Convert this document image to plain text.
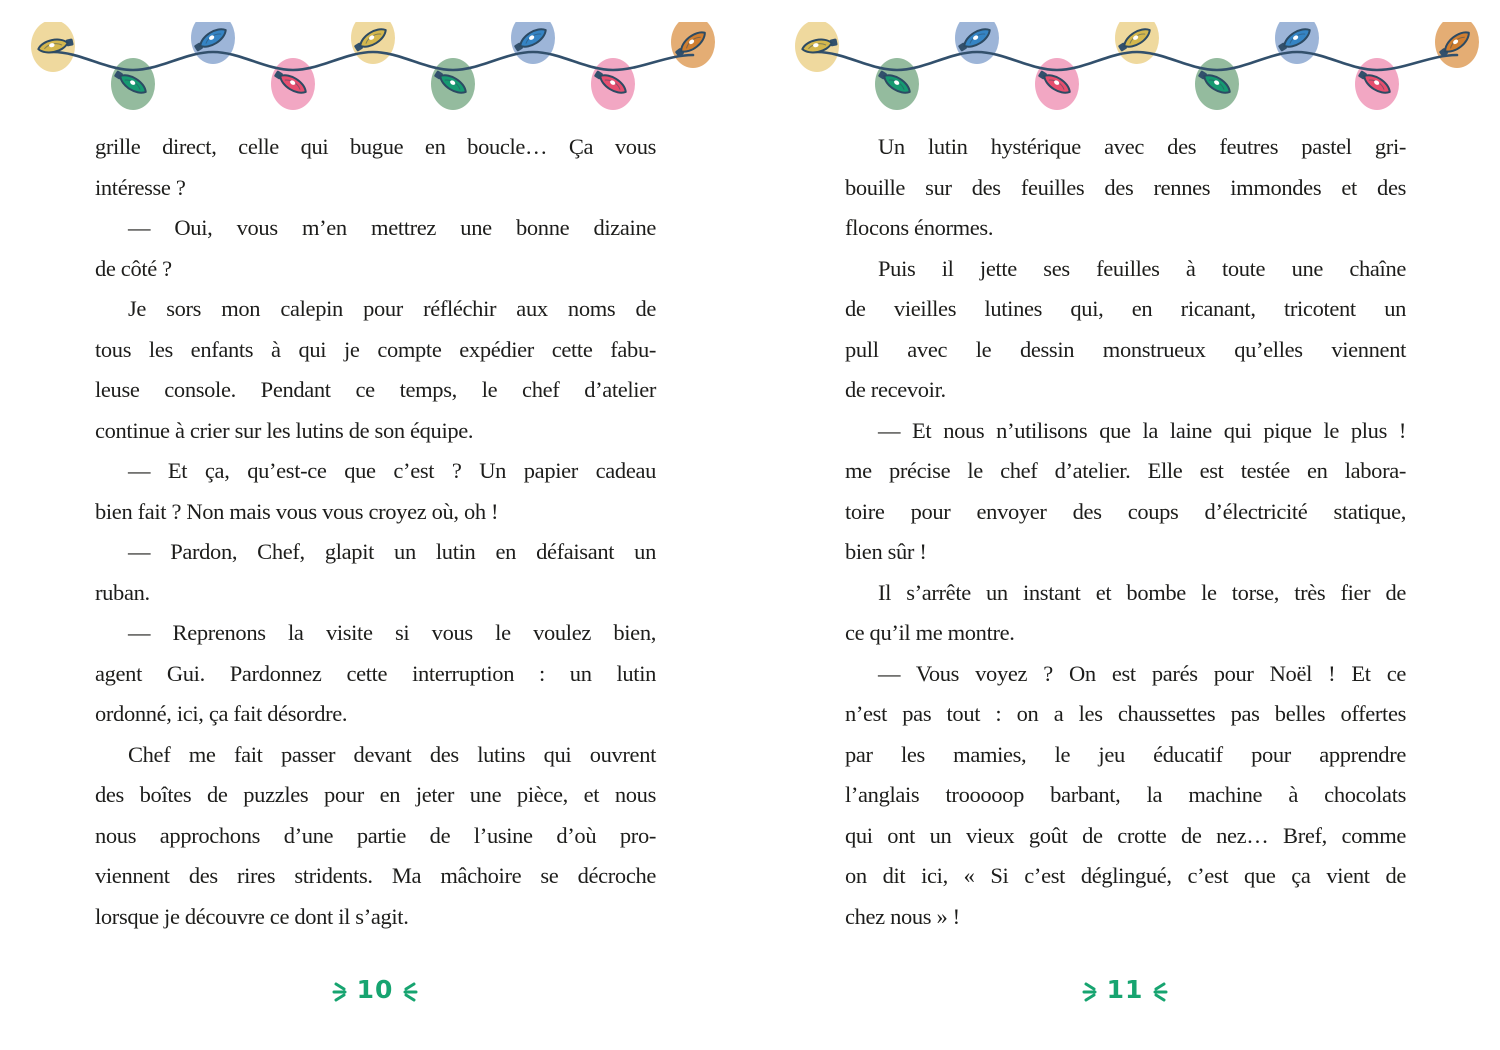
grille direct, celle qui bugue en boucle… Ça vous
intéresse ?
— Oui, vous m’en mettrez une bonne dizaine
de côté ?
Je sors mon calepin pour réfléchir aux noms de
tous les enfants à qui je compte expédier cette fabu-
leuse console. Pendant ce temps, le chef d’atelier
continue à crier sur les lutins de son équipe.
— Et ça, qu’est-ce que c’est ? Un papier cadeau
bien fait ? Non mais vous vous croyez où, oh !
— Pardon, Chef, glapit un lutin en défaisant un
ruban.
— Reprenons la visite si vous le voulez bien,
agent Gui. Pardonnez cette interruption : un lutin
ordonné, ici, ça fait désordre.
Chef me fait passer devant des lutins qui ouvrent
des boîtes de puzzles pour en jeter une pièce, et nous
nous approchons d’une partie de l’usine d’où pro-
viennent des rires stridents. Ma mâchoire se décroche
lorsque je découvre ce dont il s’agit.
10
Un lutin hystérique avec des feutres pastel gri-
bouille sur des feuilles des rennes immondes et des
flocons énormes.
Puis il jette ses feuilles à toute une chaîne
de vieilles lutines qui, en ricanant, tricotent un
pull avec le dessin monstrueux qu’elles viennent
de recevoir.
— Et nous n’utilisons que la laine qui pique le plus !
me précise le chef d’atelier. Elle est testée en labora-
toire pour envoyer des coups d’électricité statique,
bien sûr !
Il s’arrête un instant et bombe le torse, très fier de
ce qu’il me montre.
— Vous voyez ? On est parés pour Noël ! Et ce
n’est pas tout : on a les chaussettes pas belles offertes
par les mamies, le jeu éducatif pour apprendre
l’anglais trooooop barbant, la machine à chocolats
qui ont un vieux goût de crotte de nez… Bref, comme
on dit ici, « Si c’est déglingué, c’est que ça vient de
chez nous » !
11
